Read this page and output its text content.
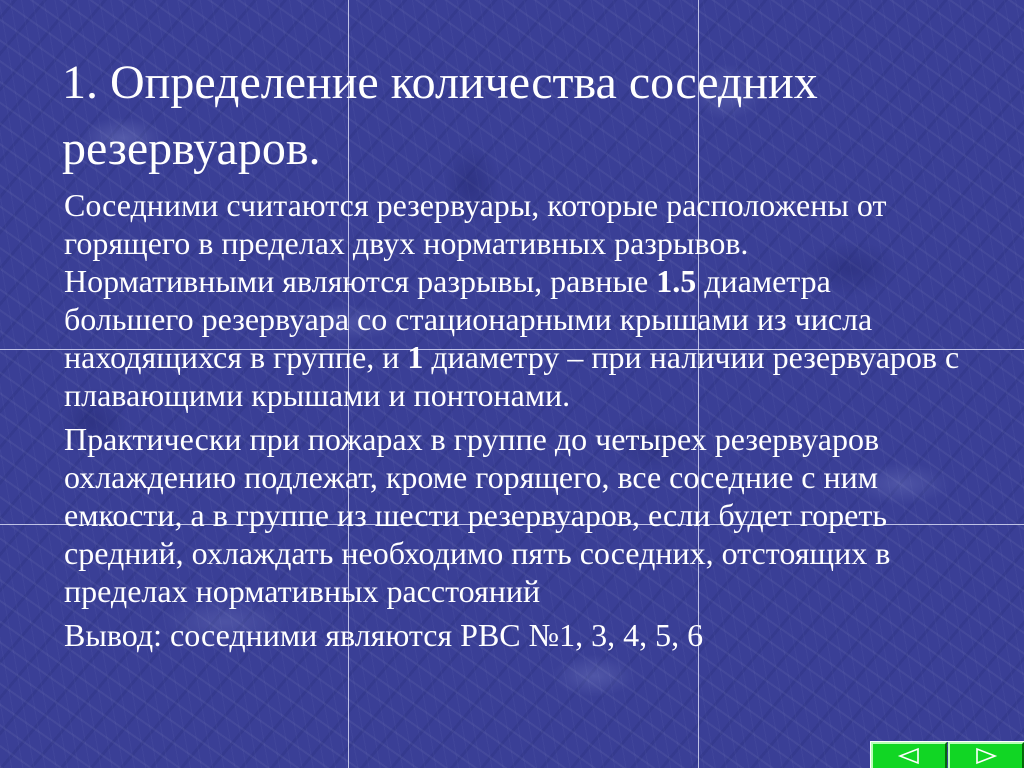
1. Определение количества соседних резервуаров.

Соседними считаются резервуары, которые расположены от горящего в пределах двух нормативных разрывов. Нормативными являются разрывы, равные 1.5 диаметра большего резервуара со стационарными крышами из числа находящихся в группе, и 1 диаметру – при наличии резервуаров с плавающими крышами и понтонами.

Практически при пожарах в группе до четырех резервуаров охлаждению подлежат, кроме горящего, все соседние с ним емкости, а в группе из шести резервуаров, если будет гореть средний, охлаждать необходимо пять соседних, отстоящих в пределах нормативных расстояний

Вывод: соседними являются РВС №1, 3, 4, 5, 6
